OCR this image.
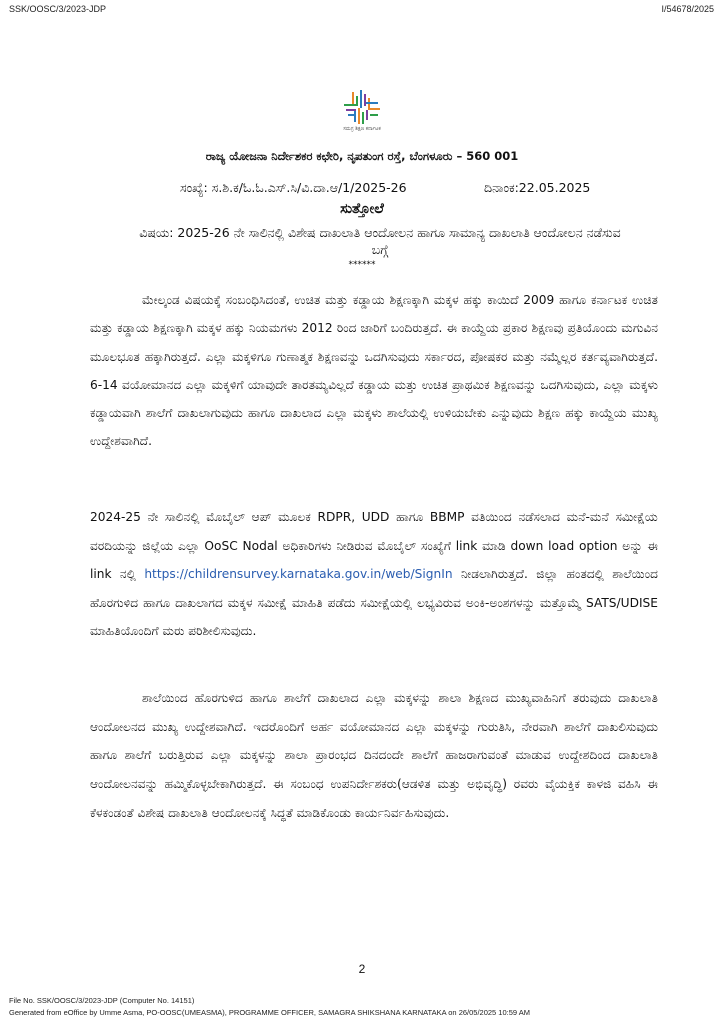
SSK/OOSC/3/2023-JDP	I/54678/2025
ಸಮಗ್ರ ಶಿಕ್ಷಣ ಕರ್ನಾಟಕ
ರಾಜ್ಯ ಯೋಜನಾ ನಿರ್ದೇಶಕರ ಕಛೇರಿ, ನೃಪತುಂಗ ರಸ್ತೆ, ಬೆಂಗಳೂರು – 560 001
ಸಂಖ್ಯೆ: ಸ.ಶಿ.ಕ/ಓ.ಓ.ಎಸ್.ಸಿ/ವಿ.ದಾ.ಆ/1/2025-26	ದಿನಾಂಕ:22.05.2025
ಸುತ್ತೋಲೆ
ವಿಷಯ: 2025-26 ನೇ ಸಾಲಿನಲ್ಲಿ ವಿಶೇಷ ದಾಖಲಾತಿ ಆಂದೋಲನ ಹಾಗೂ ಸಾಮಾನ್ಯ ದಾಖಲಾತಿ ಆಂದೋಲನ ನಡೆಸುವ ಬಗ್ಗೆ
******
ಮೇಲ್ಕಂಡ ವಿಷಯಕ್ಕೆ ಸಂಬಂಧಿಸಿದಂತೆ, ಉಚಿತ ಮತ್ತು ಕಡ್ಡಾಯ ಶಿಕ್ಷಣಕ್ಕಾಗಿ ಮಕ್ಕಳ ಹಕ್ಕು ಕಾಯಿದೆ 2009 ಹಾಗೂ ಕರ್ನಾಟಕ ಉಚಿತ ಮತ್ತು ಕಡ್ಡಾಯ ಶಿಕ್ಷಣಕ್ಕಾಗಿ ಮಕ್ಕಳ ಹಕ್ಕು ನಿಯಮಗಳು 2012 ರಿಂದ ಜಾರಿಗೆ ಬಂದಿರುತ್ತದೆ. ಈ ಕಾಯ್ದೆಯ ಪ್ರಕಾರ ಶಿಕ್ಷಣವು ಪ್ರತಿಯೊಂದು ಮಗುವಿನ ಮೂಲಭೂತ ಹಕ್ಕಾಗಿರುತ್ತದೆ. ಎಲ್ಲಾ ಮಕ್ಕಳಿಗೂ ಗುಣಾತ್ಮಕ ಶಿಕ್ಷಣವನ್ನು ಒದಗಿಸುವುದು ಸರ್ಕಾರದ, ಪೋಷಕರ ಮತ್ತು ನಮ್ಮೆಲ್ಲರ ಕರ್ತವ್ಯವಾಗಿರುತ್ತದೆ. 6-14 ವಯೋಮಾನದ ಎಲ್ಲಾ ಮಕ್ಕಳಿಗೆ ಯಾವುದೇ ತಾರತಮ್ಯವಿಲ್ಲದೆ ಕಡ್ಡಾಯ ಮತ್ತು ಉಚಿತ ಪ್ರಾಥಮಿಕ ಶಿಕ್ಷಣವನ್ನು ಒದಗಿಸುವುದು, ಎಲ್ಲಾ ಮಕ್ಕಳು ಕಡ್ಡಾಯವಾಗಿ ಶಾಲೆಗೆ ದಾಖಲಾಗುವುದು ಹಾಗೂ ದಾಖಲಾದ ಎಲ್ಲಾ ಮಕ್ಕಳು ಶಾಲೆಯಲ್ಲಿ ಉಳಿಯಬೇಕು ಎನ್ನುವುದು ಶಿಕ್ಷಣ ಹಕ್ಕು ಕಾಯ್ದೆಯ ಮುಖ್ಯ ಉದ್ದೇಶವಾಗಿದೆ.
2024-25 ನೇ ಸಾಲಿನಲ್ಲಿ ಮೊಬೈಲ್ ಆಪ್ ಮೂಲಕ RDPR, UDD ಹಾಗೂ BBMP ವತಿಯಿಂದ ನಡೆಸಲಾದ ಮನೆ-ಮನೆ ಸಮೀಕ್ಷೆಯ ವರದಿಯನ್ನು ಜಿಲ್ಲೆಯ ಎಲ್ಲಾ OoSC Nodal ಅಧಿಕಾರಿಗಳು ನೀಡಿರುವ ಮೊಬೈಲ್ ಸಂಖ್ಯೆಗೆ link ಮಾಡಿ down load option ಅನ್ನು ಈ link ನಲ್ಲಿ https://childrensurvey.karnataka.gov.in/web/SignIn ನೀಡಲಾಗಿರುತ್ತದೆ. ಜಿಲ್ಲಾ ಹಂತದಲ್ಲಿ ಶಾಲೆಯಿಂದ ಹೊರಗುಳಿದ ಹಾಗೂ ದಾಖಲಾಗದ ಮಕ್ಕಳ ಸಮೀಕ್ಷೆ ಮಾಹಿತಿ ಪಡೆದು ಸಮೀಕ್ಷೆಯಲ್ಲಿ ಲಭ್ಯವಿರುವ ಅಂಕಿ-ಅಂಶಗಳನ್ನು ಮತ್ತೊಮ್ಮೆ SATS/UDISE ಮಾಹಿತಿಯೊಂದಿಗೆ ಮರು ಪರಿಶೀಲಿಸುವುದು.
ಶಾಲೆಯಿಂದ ಹೊರಗುಳಿದ ಹಾಗೂ ಶಾಲೆಗೆ ದಾಖಲಾದ ಎಲ್ಲಾ ಮಕ್ಕಳನ್ನು ಶಾಲಾ ಶಿಕ್ಷಣದ ಮುಖ್ಯವಾಹಿನಿಗೆ ತರುವುದು ದಾಖಲಾತಿ ಆಂದೋಲನದ ಮುಖ್ಯ ಉದ್ದೇಶವಾಗಿದೆ. ಇದರೊಂದಿಗೆ ಅರ್ಹ ವಯೋಮಾನದ ಎಲ್ಲಾ ಮಕ್ಕಳನ್ನು ಗುರುತಿಸಿ, ನೇರವಾಗಿ ಶಾಲೆಗೆ ದಾಖಲಿಸುವುದು ಹಾಗೂ ಶಾಲೆಗೆ ಬರುತ್ತಿರುವ ಎಲ್ಲಾ ಮಕ್ಕಳನ್ನು ಶಾಲಾ ಪ್ರಾರಂಭದ ದಿನದಂದೇ ಶಾಲೆಗೆ ಹಾಜರಾಗುವಂತೆ ಮಾಡುವ ಉದ್ದೇಶದಿಂದ ದಾಖಲಾತಿ ಆಂದೋಲನವನ್ನು ಹಮ್ಮಿಕೊಳ್ಳಬೇಕಾಗಿರುತ್ತದೆ. ಈ ಸಂಬಂಧ ಉಪನಿರ್ದೇಶಕರು(ಆಡಳಿತ ಮತ್ತು ಅಭಿವೃದ್ಧಿ) ರವರು ವೈಯಕ್ತಿಕ ಕಾಳಜಿ ವಹಿಸಿ ಈ ಕೆಳಕಂಡಂತೆ ವಿಶೇಷ ದಾಖಲಾತಿ ಆಂದೋಲನಕ್ಕೆ ಸಿದ್ಧತೆ ಮಾಡಿಕೊಂಡು ಕಾರ್ಯನಿರ್ವಹಿಸುವುದು.
2
File No. SSK/OOSC/3/2023-JDP (Computer No. 14151)
Generated from eOffice by Umme Asma, PO-OOSC(UMEASMA), PROGRAMME OFFICER, SAMAGRA SHIKSHANA KARNATAKA on 26/05/2025 10:59 AM
